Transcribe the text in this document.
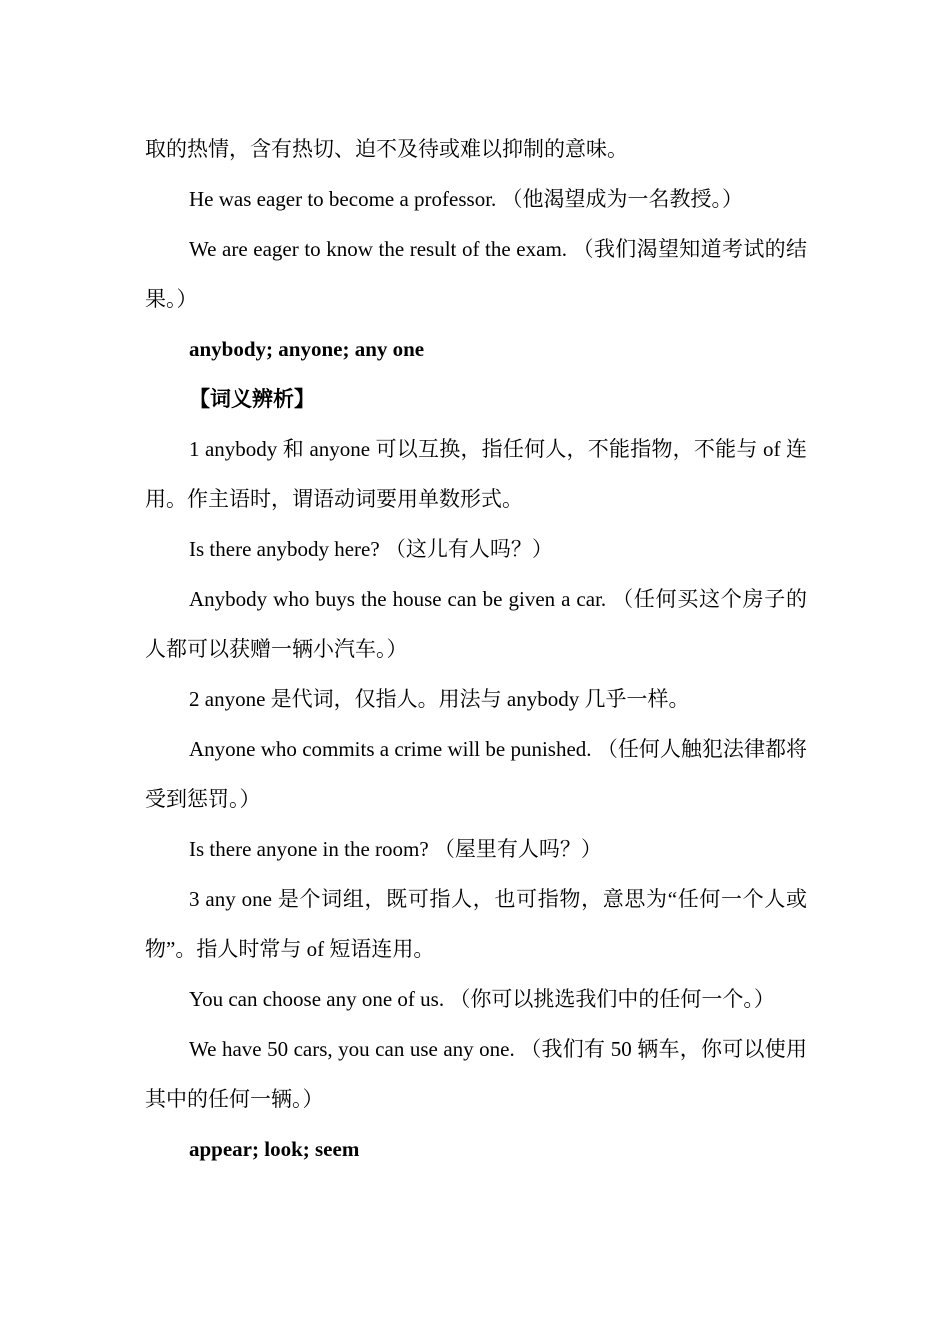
取的热情，含有热切、迫不及待或难以抑制的意味。

He was eager to become a professor. （他渴望成为一名教授。）

We are eager to know the result of the exam. （我们渴望知道考试的结果。）

anybody; anyone; any one

【词义辨析】

1 anybody 和 anyone 可以互换，指任何人，不能指物，不能与 of 连用。作主语时，谓语动词要用单数形式。

Is there anybody here? （这儿有人吗？）

Anybody who buys the house can be given a car. （任何买这个房子的人都可以获赠一辆小汽车。）

2 anyone 是代词，仅指人。用法与 anybody 几乎一样。

Anyone who commits a crime will be punished. （任何人触犯法律都将受到惩罚。）

Is there anyone in the room? （屋里有人吗？）

3 any one 是个词组，既可指人，也可指物，意思为“任何一个人或物”。指人时常与 of 短语连用。

You can choose any one of us. （你可以挑选我们中的任何一个。）

We have 50 cars, you can use any one. （我们有 50 辆车，你可以使用其中的任何一辆。）

appear; look; seem
